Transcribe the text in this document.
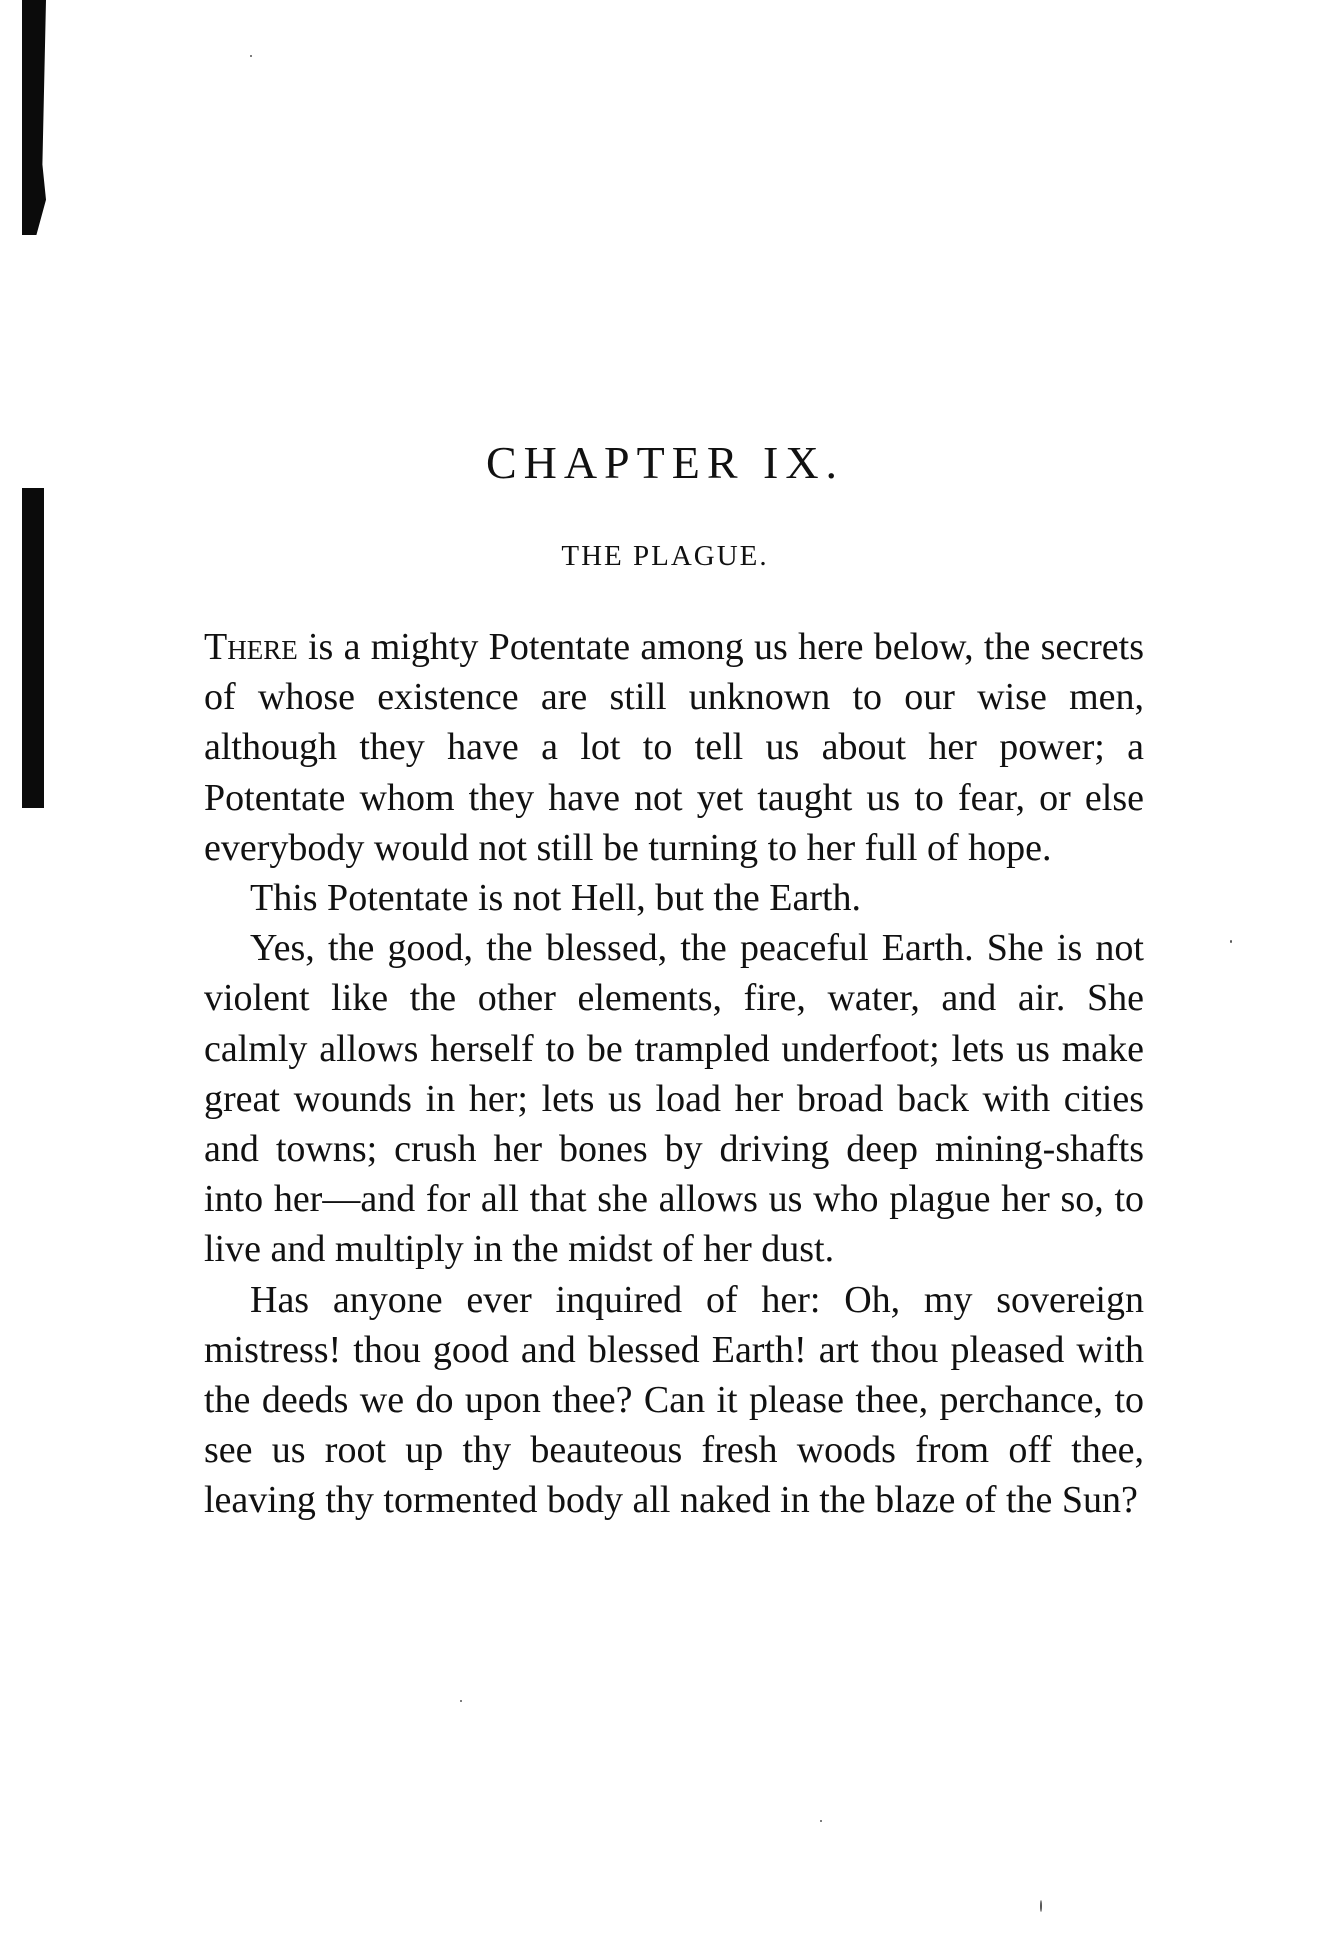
CHAPTER IX.
THE PLAGUE.

There is a mighty Potentate among us here below, the secrets of whose existence are still unknown to our wise men, although they have a lot to tell us about her power; a Potentate whom they have not yet taught us to fear, or else everybody would not still be turning to her full of hope.

This Potentate is not Hell, but the Earth.

Yes, the good, the blessed, the peaceful Earth. She is not violent like the other elements, fire, water, and air. She calmly allows herself to be trampled underfoot; lets us make great wounds in her; lets us load her broad back with cities and towns; crush her bones by driving deep mining-shafts into her—and for all that she allows us who plague her so, to live and multiply in the midst of her dust.

Has anyone ever inquired of her: Oh, my sovereign mistress! thou good and blessed Earth! art thou pleased with the deeds we do upon thee? Can it please thee, perchance, to see us root up thy beauteous fresh woods from off thee, leaving thy tormented body all naked in the blaze of the Sun?
